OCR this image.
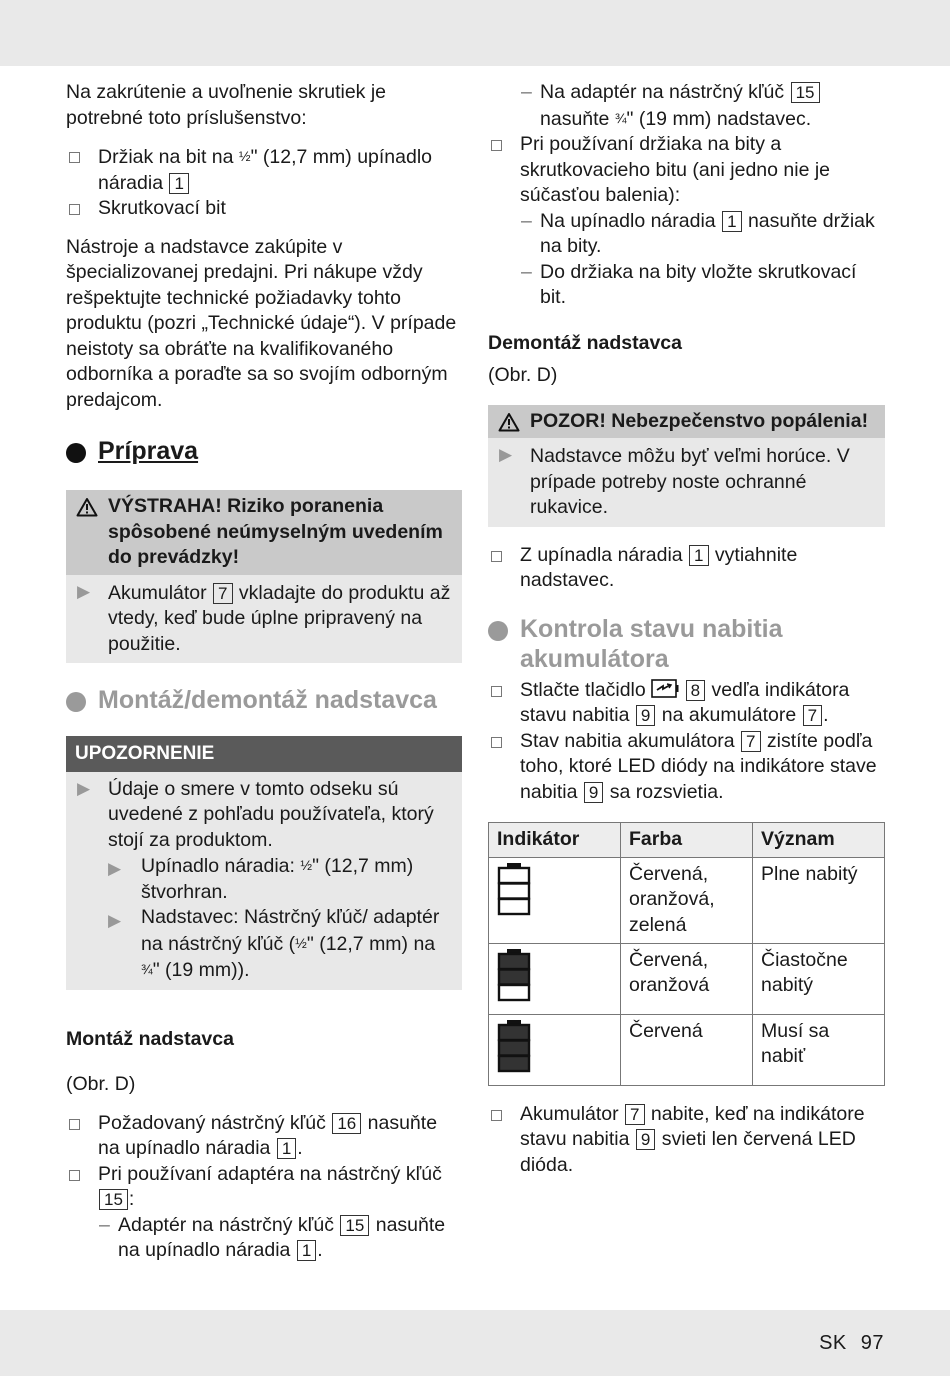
Na zakrútenie a uvoľnenie skrutiek je potrebné toto príslušenstvo:

Držiak na bit na ½" (12,7 mm) upínadlo náradia 1
Skrutkovací bit

Nástroje a nadstavce zakúpite v špecializovanej predajni. Pri nákupe vždy rešpektujte technické požiadavky tohto produktu (pozri „Technické údaje“). V prípade neistoty sa obráťte na kvalifikovaného odborníka a poraďte sa so svojím odborným predajcom.

Príprava
VÝSTRAHA! Riziko poranenia spôsobené neúmyselným uvedením do prevádzky!
▶ Akumulátor 7 vkladajte do produktu až vtedy, keď bude úplne pripravený na použitie.
Montáž/demontáž nadstavca
UPOZORNENIE
▶ Údaje o smere v tomto odseku sú uvedené z pohľadu používateľa, ktorý stojí za produktom.

▶ Upínadlo náradia: ½" (12,7 mm) štvorhran.
▶ Nadstavec: Nástrčný kľúč/ adaptér na nástrčný kľúč (½" (12,7 mm) na ¾" (19 mm)).

Montáž nadstavca

(Obr. D)

Požadovaný nástrčný kľúč 16 nasuňte na upínadlo náradia 1 .
Pri používaní adaptéra na nástrčný kľúč 15 :
– Adaptér na nástrčný kľúč 15 nasuňte na upínadlo náradia 1 .
– Na adaptér na nástrčný kľúč 15 nasuňte ¾" (19 mm) nadstavec.
Pri používaní držiaka na bity a skrutkovacieho bitu (ani jedno nie je súčasťou balenia):
– Na upínadlo náradia 1 nasuňte držiak na bity.
– Do držiaka na bity vložte skrutkovací bit.

Demontáž nadstavca

(Obr. D)

POZOR! Nebezpečenstvo popálenia!
▶ Nadstavce môžu byť veľmi horúce. V prípade potreby noste ochranné rukavice.
Z upínadla náradia 1 vytiahnite nadstavec.
Kontrola stavu nabitia akumulátora
Stlačte tlačidlo  8 vedľa indikátora stavu nabitia 9 na akumulátore 7 .
Stav nabitia akumulátora 7 zistíte podľa toho, ktoré LED diódy na indikátore stave nabitia 9 sa rozsvietia.
Indikátor	Farba	Význam
	Červená, oranžová, zelená	Plne nabitý
	Červená, oranžová	Čiastočne nabitý
	Červená	Musí sa nabiť
Akumulátor 7 nabite, keď na indikátore stavu nabitia 9 svieti len červená LED dióda.
SK 97
